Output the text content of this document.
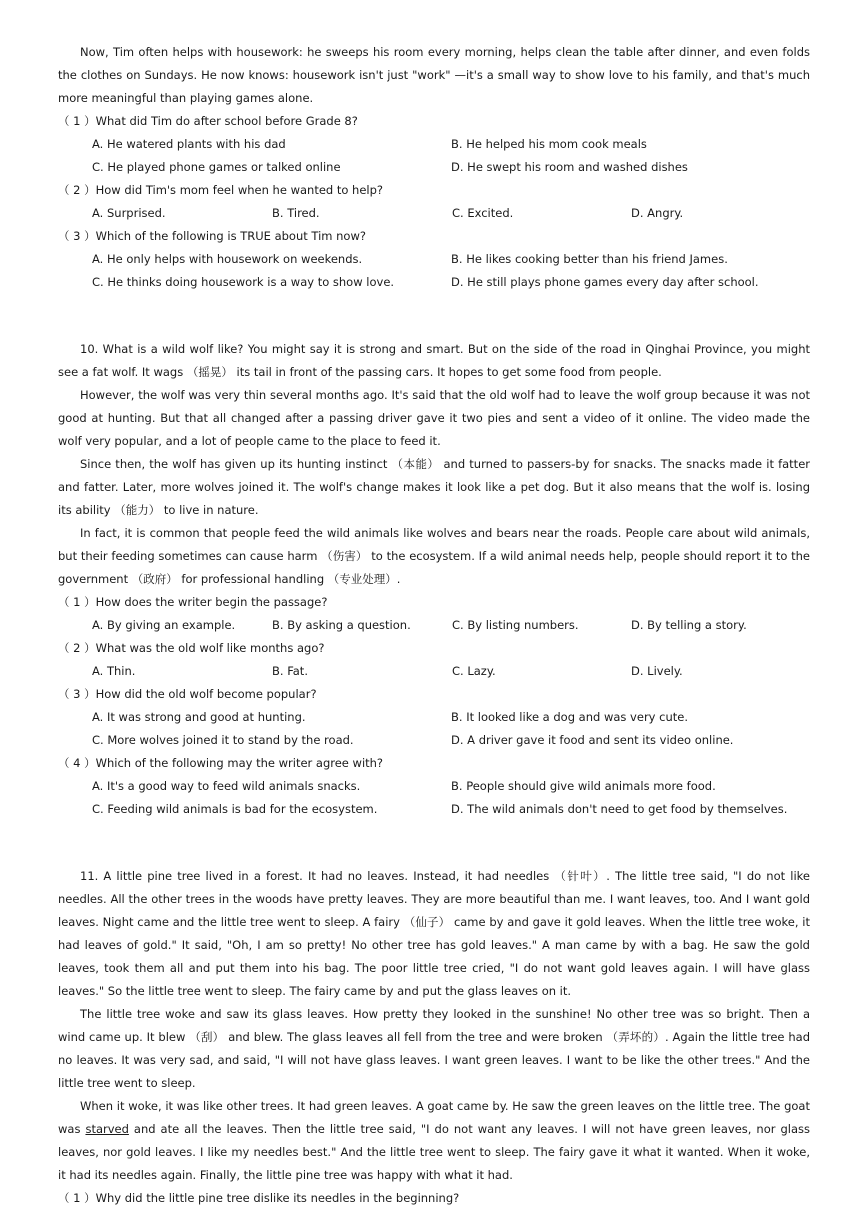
Now, Tim often helps with housework: he sweeps his room every morning, helps clean the table after dinner, and even folds the clothes on Sundays. He now knows: housework isn't just "work" —it's a small way to show love to his family, and that's much more meaningful than playing games alone.

（ 1 ）What did Tim do after school before Grade 8?
A. He watered plants with his dad	B. He helped his mom cook meals
C. He played phone games or talked online	D. He swept his room and washed dishes
（ 2 ）How did Tim's mom feel when he wanted to help?
A. Surprised.	B. Tired.	C. Excited.	D. Angry.
（ 3 ）Which of the following is TRUE about Tim now?
A. He only helps with housework on weekends.	B. He likes cooking better than his friend James.
C. He thinks doing housework is a way to show love.	D. He still plays phone games every day after school.

10. What is a wild wolf like? You might say it is strong and smart. But on the side of the road in Qinghai Province, you might see a fat wolf. It wags （摇晃） its tail in front of the passing cars. It hopes to get some food from people.

However, the wolf was very thin several months ago. It's said that the old wolf had to leave the wolf group because it was not good at hunting. But that all changed after a passing driver gave it two pies and sent a video of it online. The video made the wolf very popular, and a lot of people came to the place to feed it.

Since then, the wolf has given up its hunting instinct （本能） and turned to passers-by for snacks. The snacks made it fatter and fatter. Later, more wolves joined it. The wolf's change makes it look like a pet dog. But it also means that the wolf is. losing its ability （能力） to live in nature.

In fact, it is common that people feed the wild animals like wolves and bears near the roads. People care about wild animals, but their feeding sometimes can cause harm （伤害） to the ecosystem. If a wild animal needs help, people should report it to the government （政府） for professional handling （专业处理）.

（ 1 ）How does the writer begin the passage?
A. By giving an example.	B. By asking a question.	C. By listing numbers.	D. By telling a story.
（ 2 ）What was the old wolf like months ago?
A. Thin.	B. Fat.	C. Lazy.	D. Lively.
（ 3 ）How did the old wolf become popular?
A. It was strong and good at hunting.	B. It looked like a dog and was very cute.
C. More wolves joined it to stand by the road.	D. A driver gave it food and sent its video online.
（ 4 ）Which of the following may the writer agree with?
A. It's a good way to feed wild animals snacks.	B. People should give wild animals more food.
C. Feeding wild animals is bad for the ecosystem.	D. The wild animals don't need to get food by themselves.

11. A little pine tree lived in a forest. It had no leaves. Instead, it had needles （针叶）. The little tree said, "I do not like needles. All the other trees in the woods have pretty leaves. They are more beautiful than me. I want leaves, too. And I want gold leaves. Night came and the little tree went to sleep. A fairy （仙子） came by and gave it gold leaves. When the little tree woke, it had leaves of gold." It said, "Oh, I am so pretty! No other tree has gold leaves." A man came by with a bag. He saw the gold leaves, took them all and put them into his bag. The poor little tree cried, "I do not want gold leaves again. I will have glass leaves." So the little tree went to sleep. The fairy came by and put the glass leaves on it.

The little tree woke and saw its glass leaves. How pretty they looked in the sunshine! No other tree was so bright. Then a wind came up. It blew （刮） and blew. The glass leaves all fell from the tree and were broken （弄坏的）. Again the little tree had no leaves. It was very sad, and said, "I will not have glass leaves. I want green leaves. I want to be like the other trees." And the little tree went to sleep.

When it woke, it was like other trees. It had green leaves. A goat came by. He saw the green leaves on the little tree. The goat was starved and ate all the leaves. Then the little tree said, "I do not want any leaves. I will not have green leaves, nor glass leaves, nor gold leaves. I like my needles best." And the little tree went to sleep. The fairy gave it what it wanted. When it woke, it had its needles again. Finally, the little pine tree was happy with what it had.

（ 1 ）Why did the little pine tree dislike its needles in the beginning?
